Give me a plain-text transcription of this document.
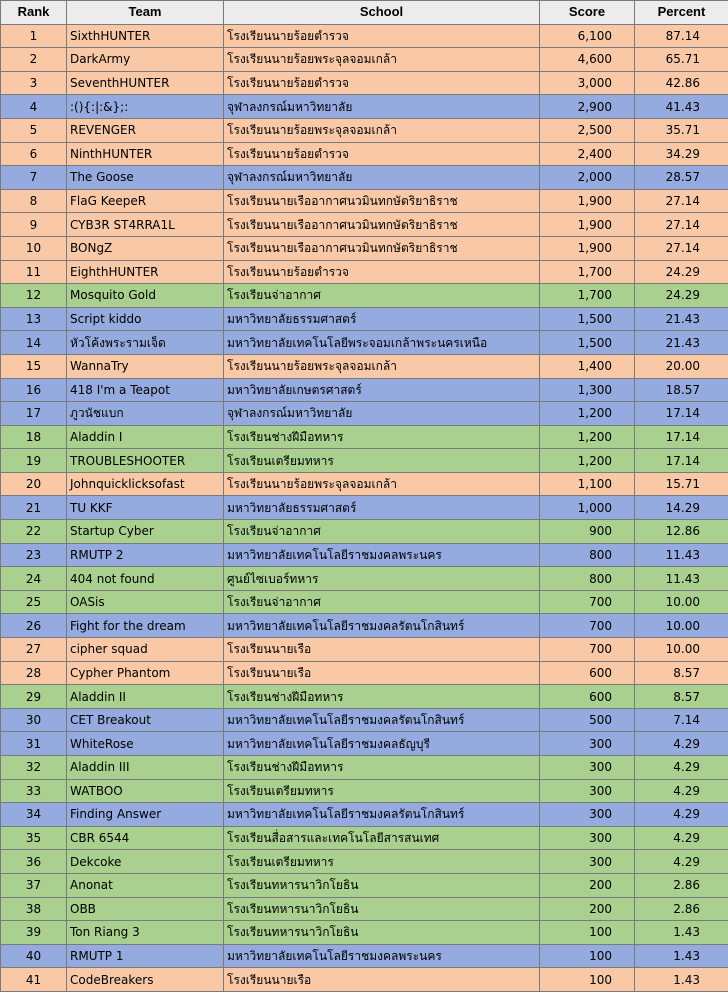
Rank	Team	School	Score	Percent
1	SixthHUNTER	โรงเรียนนายร้อยตำรวจ	6,100	87.14
2	DarkArmy	โรงเรียนนายร้อยพระจุลจอมเกล้า	4,600	65.71
3	SeventhHUNTER	โรงเรียนนายร้อยตำรวจ	3,000	42.86
4	:(){:|:&};:	จุฬาลงกรณ์มหาวิทยาลัย	2,900	41.43
5	REVENGER	โรงเรียนนายร้อยพระจุลจอมเกล้า	2,500	35.71
6	NinthHUNTER	โรงเรียนนายร้อยตำรวจ	2,400	34.29
7	The Goose	จุฬาลงกรณ์มหาวิทยาลัย	2,000	28.57
8	FlaG KeepeR	โรงเรียนนายเรืออากาศนวมินทกษัตริยาธิราช	1,900	27.14
9	CYB3R ST4RRA1L	โรงเรียนนายเรืออากาศนวมินทกษัตริยาธิราช	1,900	27.14
10	BONgZ	โรงเรียนนายเรืออากาศนวมินทกษัตริยาธิราช	1,900	27.14
11	EighthHUNTER	โรงเรียนนายร้อยตำรวจ	1,700	24.29
12	Mosquito Gold	โรงเรียนจ่าอากาศ	1,700	24.29
13	Script kiddo	มหาวิทยาลัยธรรมศาสตร์	1,500	21.43
14	หัวโค้งพระรามเจ็ด	มหาวิทยาลัยเทคโนโลยีพระจอมเกล้าพระนครเหนือ	1,500	21.43
15	WannaTry	โรงเรียนนายร้อยพระจุลจอมเกล้า	1,400	20.00
16	418 I'm a Teapot	มหาวิทยาลัยเกษตรศาสตร์	1,300	18.57
17	ภูวนัชแบก	จุฬาลงกรณ์มหาวิทยาลัย	1,200	17.14
18	Aladdin I	โรงเรียนช่างฝีมือทหาร	1,200	17.14
19	TROUBLESHOOTER	โรงเรียนเตรียมทหาร	1,200	17.14
20	Johnquicklicksofast	โรงเรียนนายร้อยพระจุลจอมเกล้า	1,100	15.71
21	TU KKF	มหาวิทยาลัยธรรมศาสตร์	1,000	14.29
22	Startup Cyber	โรงเรียนจ่าอากาศ	900	12.86
23	RMUTP 2	มหาวิทยาลัยเทคโนโลยีราชมงคลพระนคร	800	11.43
24	404 not found	ศูนย์ไซเบอร์ทหาร	800	11.43
25	OASis	โรงเรียนจ่าอากาศ	700	10.00
26	Fight for the dream	มหาวิทยาลัยเทคโนโลยีราชมงคลรัตนโกสินทร์	700	10.00
27	cipher squad	โรงเรียนนายเรือ	700	10.00
28	Cypher Phantom	โรงเรียนนายเรือ	600	8.57
29	Aladdin II	โรงเรียนช่างฝีมือทหาร	600	8.57
30	CET Breakout	มหาวิทยาลัยเทคโนโลยีราชมงคลรัตนโกสินทร์	500	7.14
31	WhiteRose	มหาวิทยาลัยเทคโนโลยีราชมงคลธัญบุรี	300	4.29
32	Aladdin III	โรงเรียนช่างฝีมือทหาร	300	4.29
33	WATBOO	โรงเรียนเตรียมทหาร	300	4.29
34	Finding Answer	มหาวิทยาลัยเทคโนโลยีราชมงคลรัตนโกสินทร์	300	4.29
35	CBR 6544	โรงเรียนสื่อสารและเทคโนโลยีสารสนเทศ	300	4.29
36	Dekcoke	โรงเรียนเตรียมทหาร	300	4.29
37	Anonat	โรงเรียนทหารนาวิกโยธิน	200	2.86
38	OBB	โรงเรียนทหารนาวิกโยธิน	200	2.86
39	Ton Riang 3	โรงเรียนทหารนาวิกโยธิน	100	1.43
40	RMUTP 1	มหาวิทยาลัยเทคโนโลยีราชมงคลพระนคร	100	1.43
41	CodeBreakers	โรงเรียนนายเรือ	100	1.43
